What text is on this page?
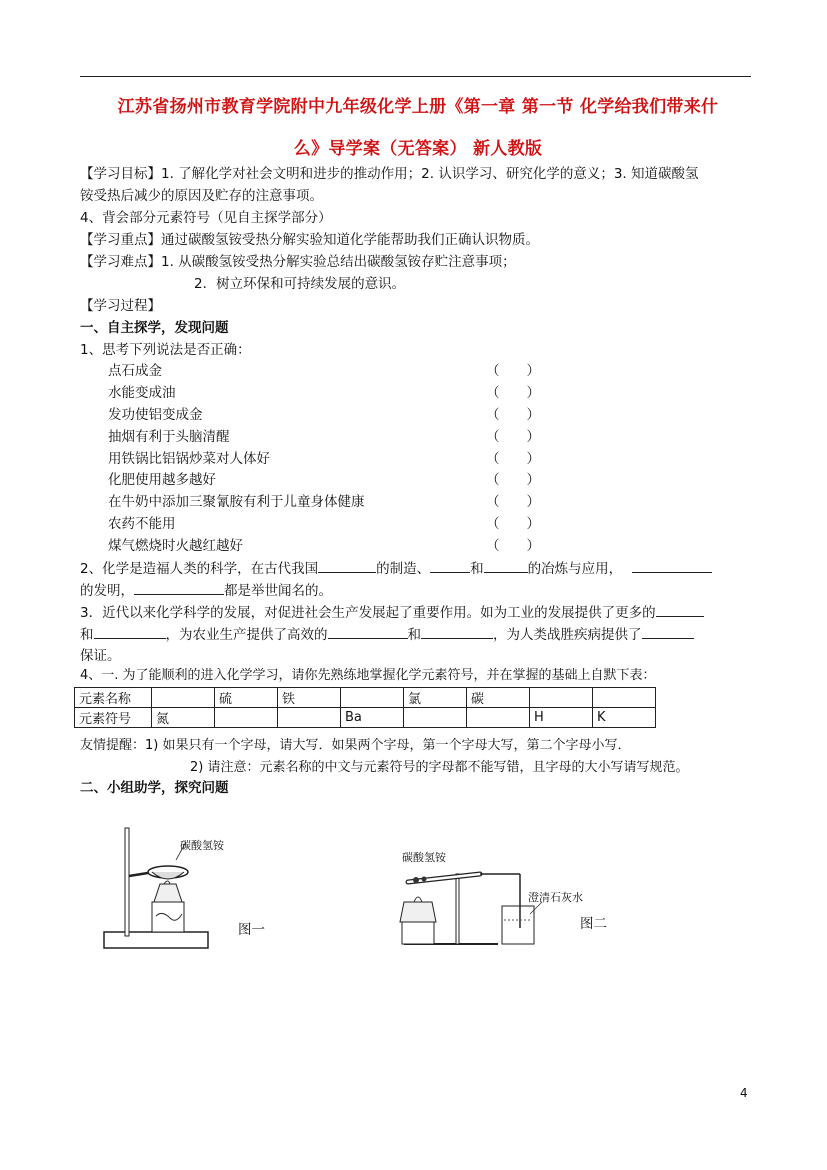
江苏省扬州市教育学院附中九年级化学上册《第一章 第一节 化学给我们带来什
么》导学案（无答案） 新人教版
【学习目标】1. 了解化学对社会文明和进步的推动作用；2. 认识学习、研究化学的意义；3. 知道碳酸氢
铵受热后减少的原因及贮存的注意事项。
4、背会部分元素符号（见自主探学部分）
【学习重点】通过碳酸氢铵受热分解实验知道化学能帮助我们正确认识物质。
【学习难点】1. 从碳酸氢铵受热分解实验总结出碳酸氢铵存贮注意事项；
2．树立环保和可持续发展的意识。
【学习过程】
一、自主探学，发现问题
1、思考下列说法是否正确：
点石成金	（　　）
水能变成油	（　　）
发功使铝变成金	（　　）
抽烟有利于头脑清醒	（　　）
用铁锅比铝锅炒菜对人体好	（　　）
化肥使用越多越好	（　　）
在牛奶中添加三聚氰胺有利于儿童身体健康	（　　）
农药不能用	（　　）
煤气燃烧时火越红越好	（　　）
2、化学是造福人类的科学，在古代我国	的制造、	和	的冶炼与应用，
的发明，	都是举世闻名的。
3．近代以来化学科学的发展，对促进社会生产发展起了重要作用。如为工业的发展提供了更多的
和	，为农业生产提供了高效的	和	，为人类战胜疾病提供了
保证。
4、一. 为了能顺利的进入化学学习，请你先熟练地掌握化学元素符号，并在掌握的基础上自默下表：
元素名称		硫	铁		氯	碳		
元素符号	氮			Ba			H	K
友情提醒：1) 如果只有一个字母，请大写．如果两个字母，第一个字母大写，第二个字母小写．
2) 请注意：元素名称的中文与元素符号的字母都不能写错，且字母的大小写请写规范。
二、小组助学，探究问题
碳酸氢铵
图一
碳酸氢铵
澄清石灰水
图二
4
